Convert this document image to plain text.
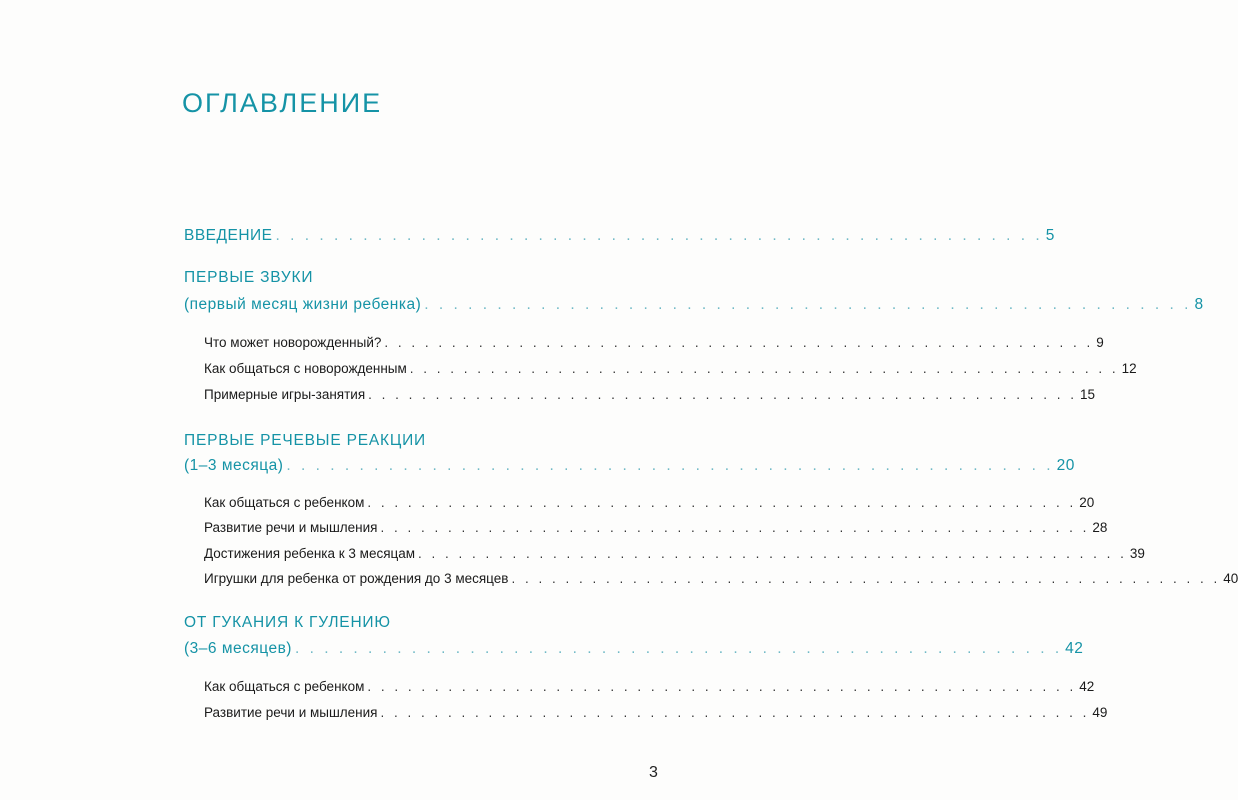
ОГЛАВЛЕНИЕ
ВВЕДЕНИЕ . . . . . . . . . . . . . . . . . . . . . . . . . . . . . . . . . . . . . . . . . . . . . . . . . . . . . 5
ПЕРВЫЕ ЗВУКИ
(первый месяц жизни ребенка) . . . . . . . . . . . . . . . . . . . . . . . . . . . . . . . . . . . . . . . . . . . . . . . . . . . . . 8
Что может новорожденный? . . . . . . . . . . . . . . . . . . . . . . . . . . . . . . . . . . . . . . . . . . . . . . . . . . . . . 9
Как общаться с новорожденным . . . . . . . . . . . . . . . . . . . . . . . . . . . . . . . . . . . . . . . . . . . . . . . . . . . . . 12
Примерные игры-занятия . . . . . . . . . . . . . . . . . . . . . . . . . . . . . . . . . . . . . . . . . . . . . . . . . . . . . 15
ПЕРВЫЕ РЕЧЕВЫЕ РЕАКЦИИ
(1–3 месяца) . . . . . . . . . . . . . . . . . . . . . . . . . . . . . . . . . . . . . . . . . . . . . . . . . . . . . 20
Как общаться с ребенком . . . . . . . . . . . . . . . . . . . . . . . . . . . . . . . . . . . . . . . . . . . . . . . . . . . . . 20
Развитие речи и мышления . . . . . . . . . . . . . . . . . . . . . . . . . . . . . . . . . . . . . . . . . . . . . . . . . . . . . 28
Достижения ребенка к 3 месяцам . . . . . . . . . . . . . . . . . . . . . . . . . . . . . . . . . . . . . . . . . . . . . . . . . . . . . 39
Игрушки для ребенка от рождения до 3 месяцев . . . . . . . . . . . . . . . . . . . . . . . . . . . . . . . . . . . . . . . . . . . . . . . . . . . . . 40
ОТ ГУКАНИЯ К ГУЛЕНИЮ
(3–6 месяцев) . . . . . . . . . . . . . . . . . . . . . . . . . . . . . . . . . . . . . . . . . . . . . . . . . . . . . 42
Как общаться с ребенком . . . . . . . . . . . . . . . . . . . . . . . . . . . . . . . . . . . . . . . . . . . . . . . . . . . . . 42
Развитие речи и мышления . . . . . . . . . . . . . . . . . . . . . . . . . . . . . . . . . . . . . . . . . . . . . . . . . . . . . 49
3
